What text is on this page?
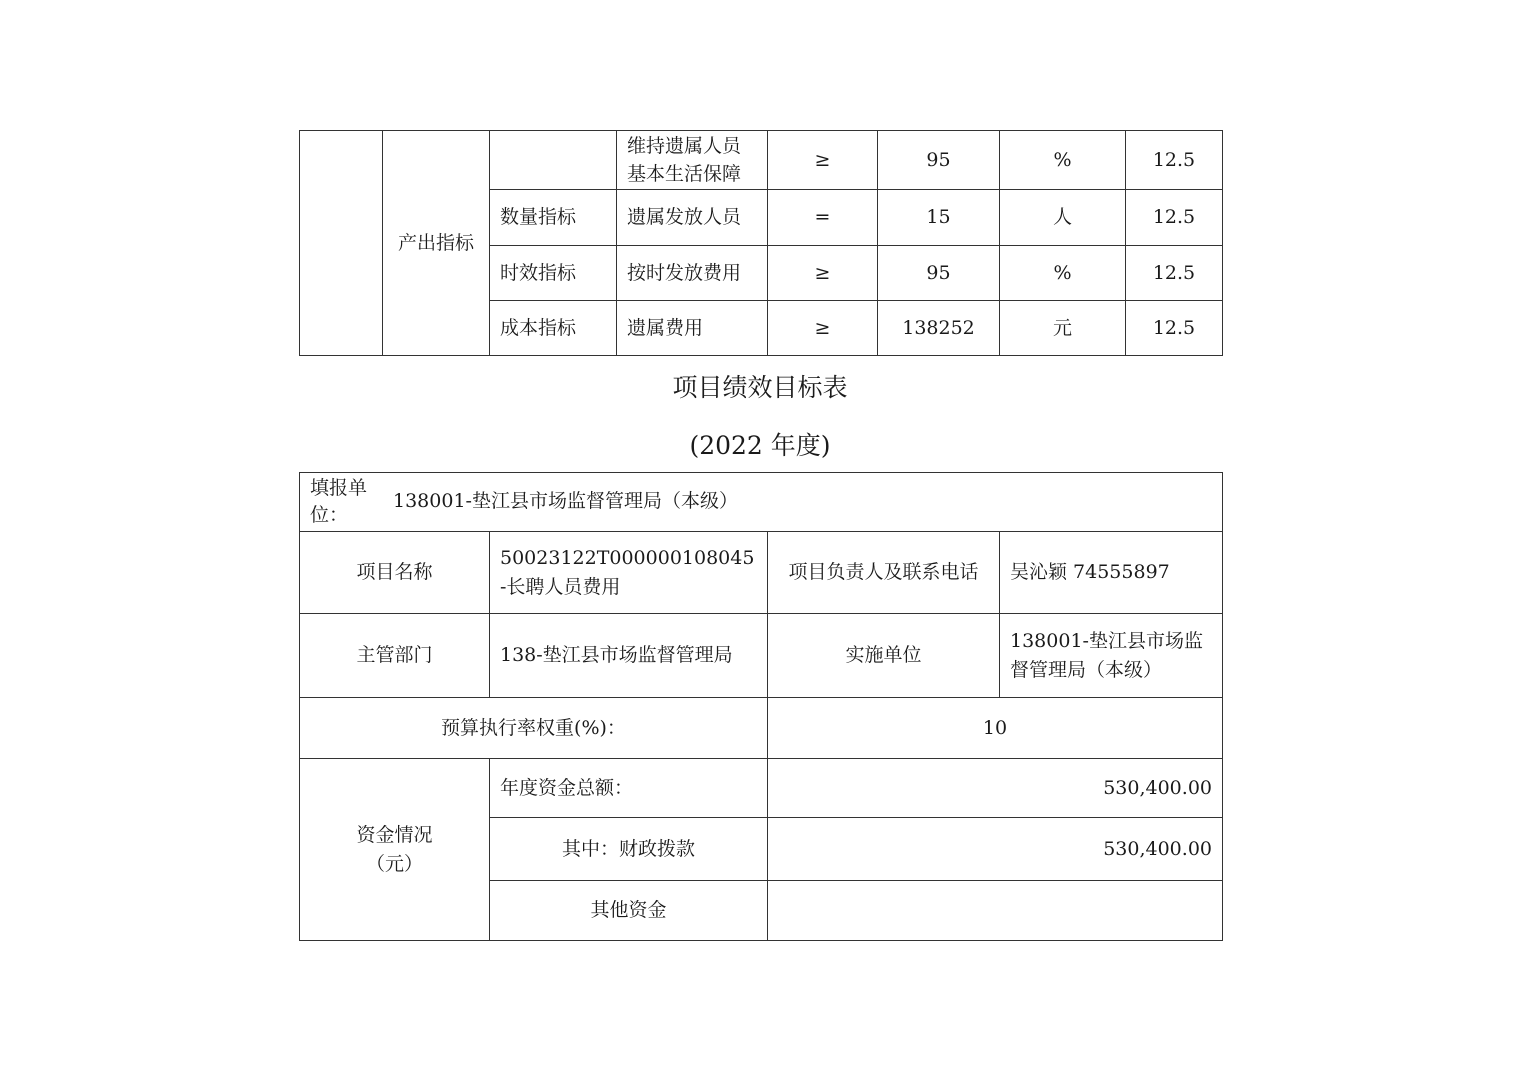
	产出指标		维持遗属人员基本生活保障	≥	95	%	12.5
		数量指标	遗属发放人员	=	15	人	12.5
		时效指标	按时发放费用	≥	95	%	12.5
		成本指标	遗属费用	≥	138252	元	12.5
项目绩效目标表
(2022 年度)
填报单位：
138001-垫江县市场监督管理局（本级）			

项目名称	50023122T000000108045-长聘人员费用	项目负责人及联系电话	吴沁颖 74555897
主管部门	138-垫江县市场监督管理局	实施单位	138001-垫江县市场监督管理局（本级）
预算执行率权重(%)：		10	
资金情况（元）	年度资金总额：	530,400.00	
	其中：财政拨款	530,400.00	
	其他资金		
